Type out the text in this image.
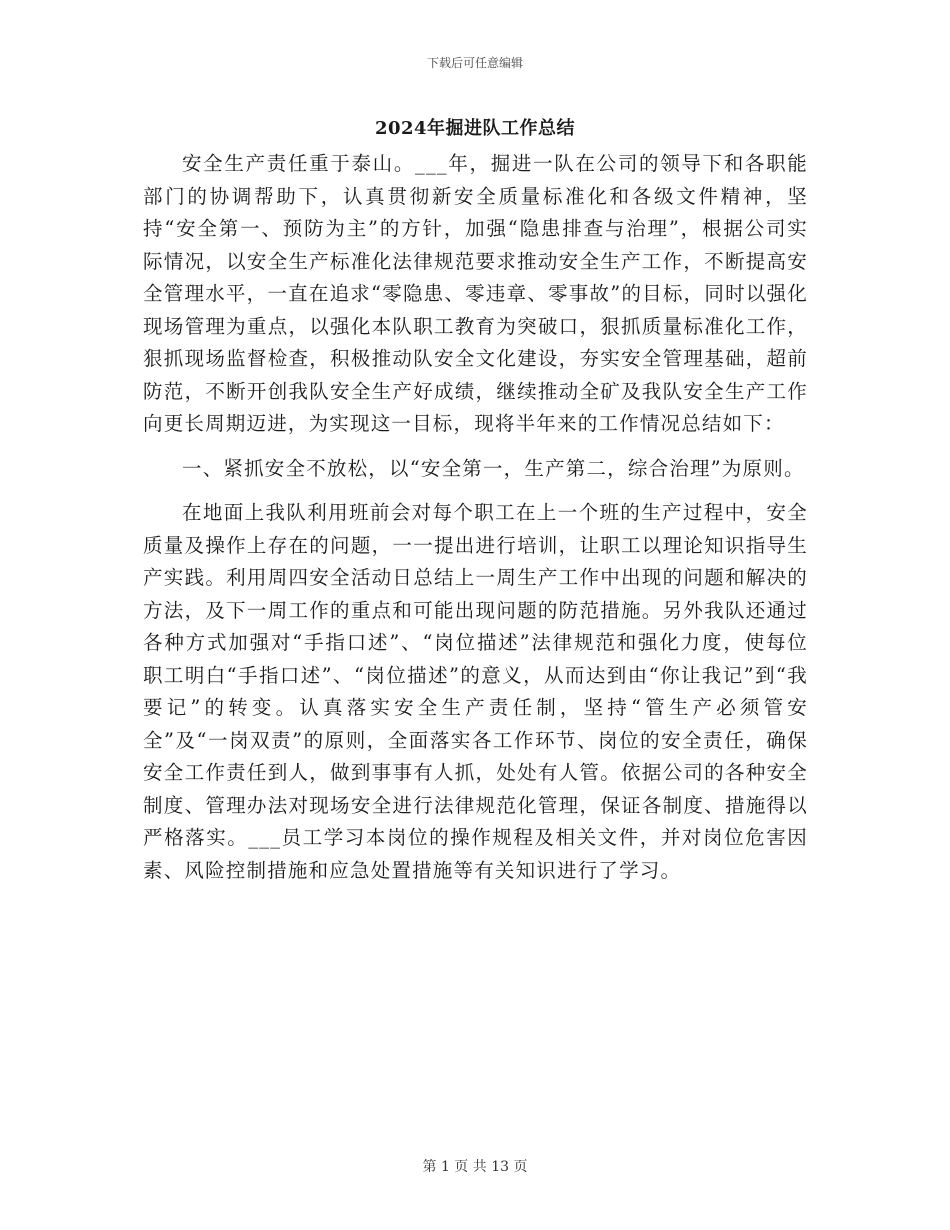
下载后可任意编辑
2024年掘进队工作总结

安全生产责任重于泰山。___年，掘进一队在公司的领导下和各职能部门的协调帮助下，认真贯彻新安全质量标准化和各级文件精神，坚持“安全第一、预防为主”的方针，加强“隐患排查与治理”，根据公司实际情况，以安全生产标准化法律规范要求推动安全生产工作，不断提高安全管理水平，一直在追求“零隐患、零违章、零事故”的目标，同时以强化现场管理为重点，以强化本队职工教育为突破口，狠抓质量标准化工作，狠抓现场监督检查，积极推动队安全文化建设，夯实安全管理基础，超前防范，不断开创我队安全生产好成绩，继续推动全矿及我队安全生产工作向更长周期迈进，为实现这一目标，现将半年来的工作情况总结如下：

一、紧抓安全不放松，以“安全第一，生产第二，综合治理”为原则。

在地面上我队利用班前会对每个职工在上一个班的生产过程中，安全质量及操作上存在的问题，一一提出进行培训，让职工以理论知识指导生产实践。利用周四安全活动日总结上一周生产工作中出现的问题和解决的方法，及下一周工作的重点和可能出现问题的防范措施。另外我队还通过各种方式加强对“手指口述”、“岗位描述”法律规范和强化力度，使每位职工明白“手指口述”、“岗位描述”的意义，从而达到由“你让我记”到“我要记”的转变。认真落实安全生产责任制，坚持“管生产必须管安全”及“一岗双责”的原则，全面落实各工作环节、岗位的安全责任，确保安全工作责任到人，做到事事有人抓，处处有人管。依据公司的各种安全制度、管理办法对现场安全进行法律规范化管理，保证各制度、措施得以严格落实。___员工学习本岗位的操作规程及相关文件，并对岗位危害因素、风险控制措施和应急处置措施等有关知识进行了学习。

第 1 页 共 13 页
